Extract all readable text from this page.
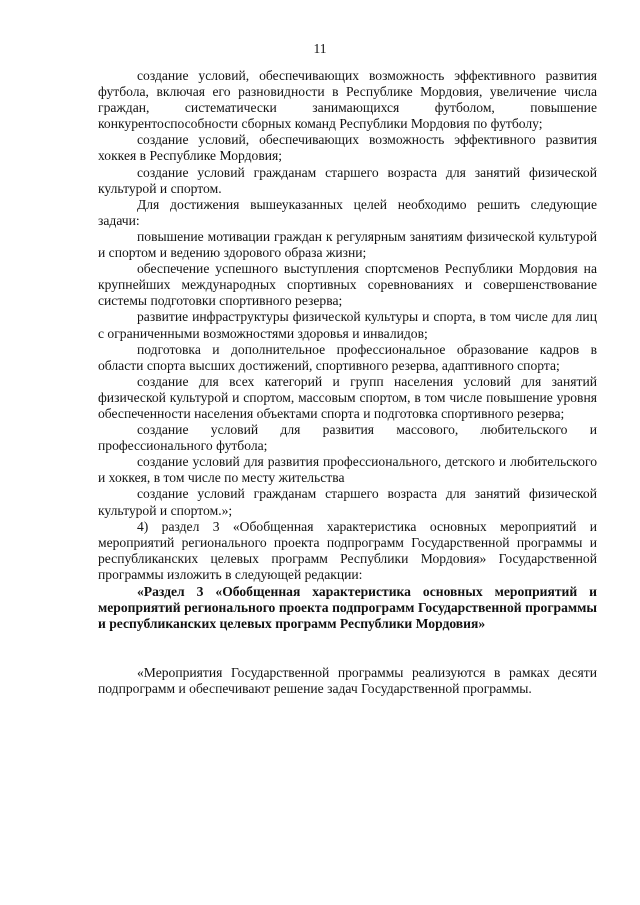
11

создание условий, обеспечивающих возможность эффективного развития футбола, включая его разновидности в Республике Мордовия, увеличение числа граждан, систематически занимающихся футболом, повышение конкурентоспособности сборных команд Республики Мордовия по футболу;

создание условий, обеспечивающих возможность эффективного развития хоккея в Республике Мордовия;

создание условий гражданам старшего возраста для занятий физической культурой и спортом.

Для достижения вышеуказанных целей необходимо решить следующие задачи:

повышение мотивации граждан к регулярным занятиям физической культурой и спортом и ведению здорового образа жизни;

обеспечение успешного выступления спортсменов Республики Мордовия на крупнейших международных спортивных соревнованиях и совершенствование системы подготовки спортивного резерва;

развитие инфраструктуры физической культуры и спорта, в том числе для лиц с ограниченными возможностями здоровья и инвалидов;

подготовка и дополнительное профессиональное образование кадров в области спорта высших достижений, спортивного резерва, адаптивного спорта;

создание для всех категорий и групп населения условий для занятий физической культурой и спортом, массовым спортом, в том числе повышение уровня обеспеченности населения объектами спорта и подготовка спортивного резерва;

создание условий для развития массового, любительского и профессионального футбола;

создание условий для развития профессионального, детского и любительского и хоккея, в том числе по месту жительства

создание условий гражданам старшего возраста для занятий физической культурой и спортом.»;

4) раздел 3 «Обобщенная характеристика основных мероприятий и мероприятий регионального проекта подпрограмм Государственной программы и республиканских целевых программ Республики Мордовия» Государственной программы изложить в следующей редакции:

«Раздел 3 «Обобщенная характеристика основных мероприятий и мероприятий регионального проекта подпрограмм Государственной программы и республиканских целевых программ Республики Мордовия»

«Мероприятия Государственной программы реализуются в рамках десяти подпрограмм и обеспечивают решение задач Государственной программы.
